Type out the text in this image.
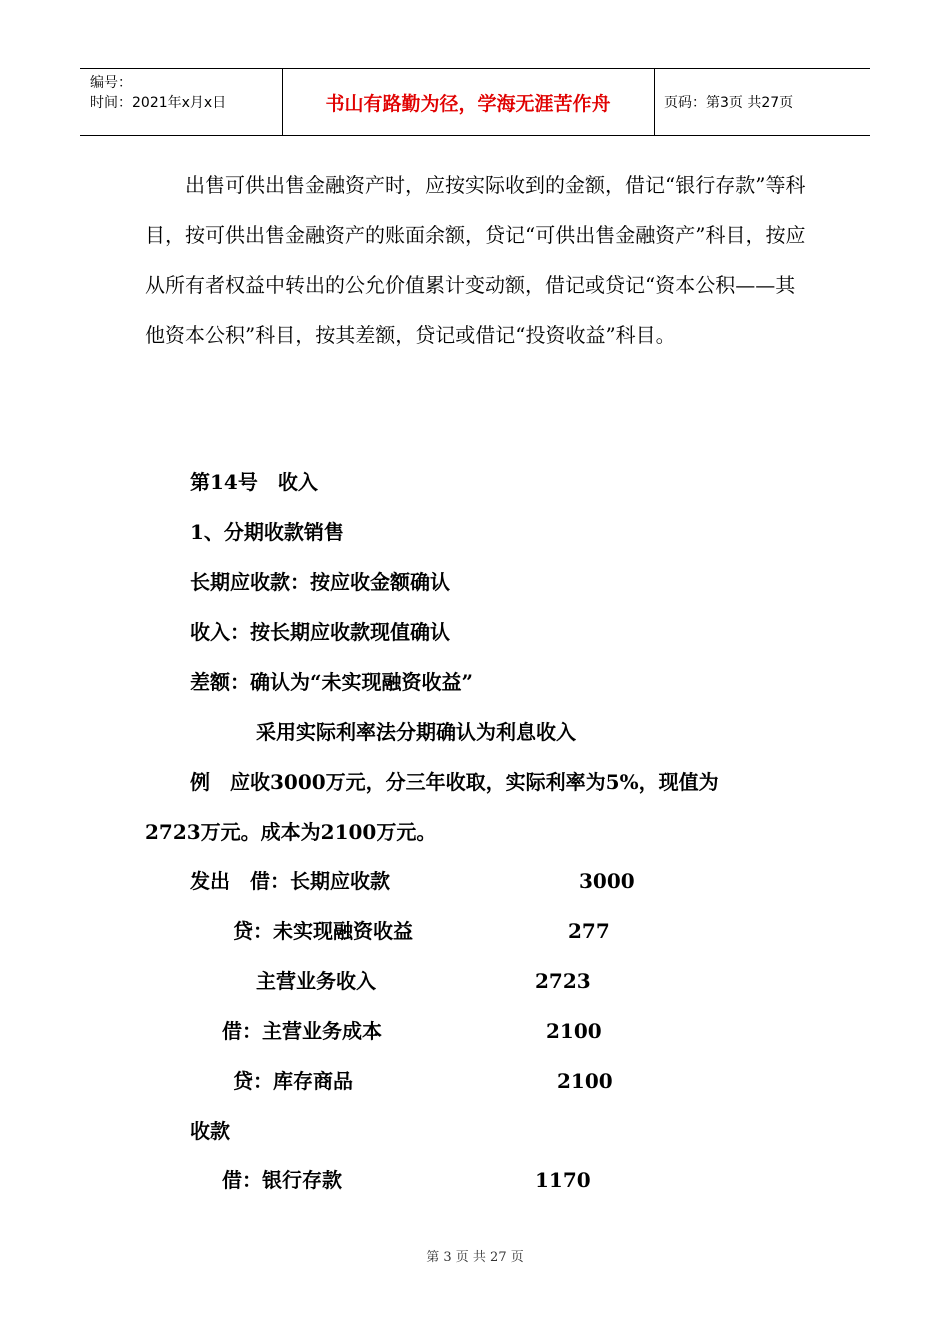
编号：
时间：2021年x月x日	书山有路勤为径，学海无涯苦作舟	页码：第3页 共27页

出售可供出售金融资产时，应按实际收到的金额，借记“银行存款”等科目，按可供出售金融资产的账面余额，贷记“可供出售金融资产”科目，按应从所有者权益中转出的公允价值累计变动额，借记或贷记“资本公积——其他资本公积”科目，按其差额，贷记或借记“投资收益”科目。

第14号　收入
1、分期收款销售
长期应收款：按应收金额确认
收入：按长期应收款现值确认
差额：确认为“未实现融资收益”
采用实际利率法分期确认为利息收入
例　应收3000万元，分三年收取，实际利率为5%，现值为
2723万元。成本为2100万元。
发出　借：长期应收款	3000
贷：未实现融资收益	277
主营业务收入	2723
借：主营业务成本	2100
贷：库存商品	2100
收款
借：银行存款	1170
第 3 页 共 27 页
